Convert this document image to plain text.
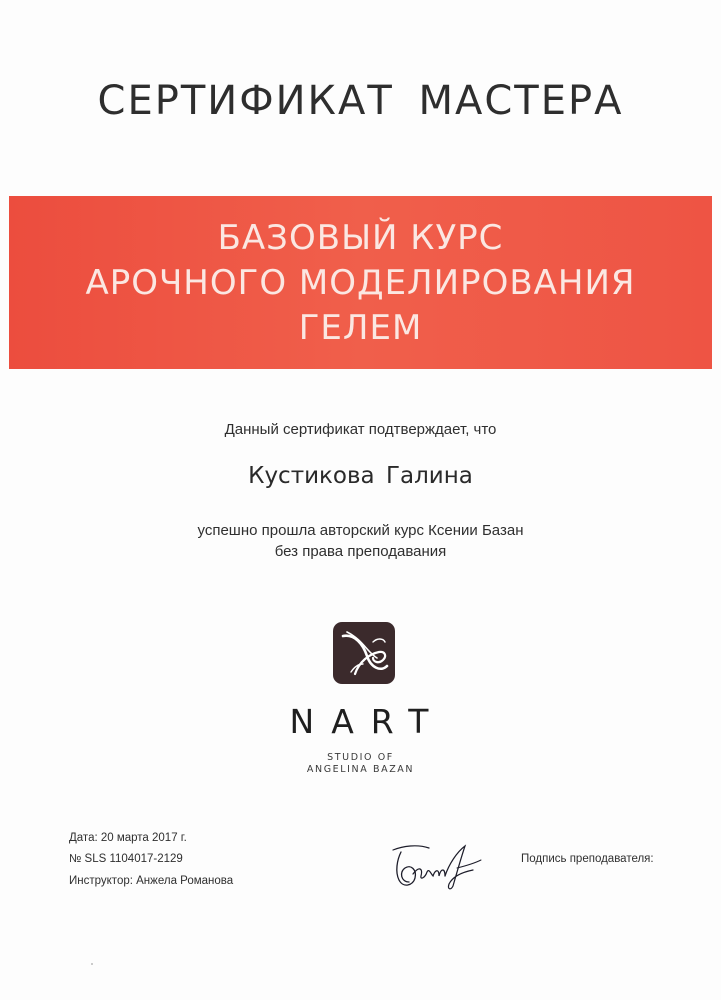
СЕРТИФИКАТ МАСТЕРА
БАЗОВЫЙ КУРС
АРОЧНОГО МОДЕЛИРОВАНИЯ
ГЕЛЕМ
Данный сертификат подтверждает, что
Кустикова Галина
успешно прошла авторский курс Ксении Базан
без права преподавания
NART
STUDIO OF
ANGELINA BAZAN
Дата: 20 марта 2017 г.
№ SLS 1104017-2129
Инструктор: Анжела Романова
Подпись преподавателя:
